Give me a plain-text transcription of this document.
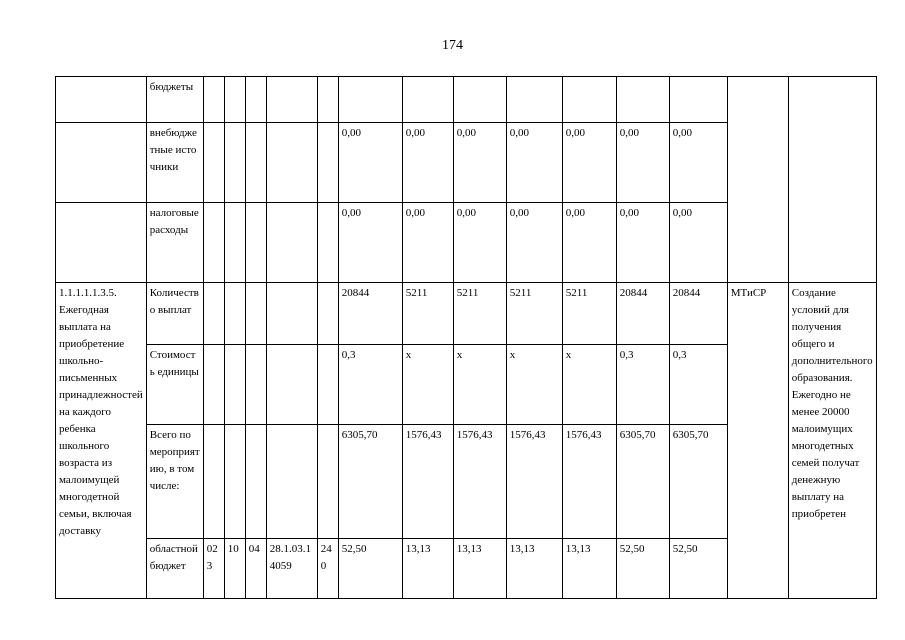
174
	бюджеты														
	внебюджетные источники						0,00	0,00	0,00	0,00	0,00	0,00	0,00		
	налоговые расходы						0,00	0,00	0,00	0,00	0,00	0,00	0,00		
1.1.1.1.1.3.5. Ежегодная выплата на приобретение школьно-письменных принадлежностей на каждого ребенка школьного возраста из малоимущей многодетной семьи, включая доставку	Количество выплат						20844	5211	5211	5211	5211	20844	20844	МТиСР	Создание условий для получения общего и дополнительного образования. Ежегодно не менее 20000 малоимущих многодетных семей получат денежную выплату на приобретен
	Стоимость единицы						0,3	х	х	х	х	0,3	0,3		
	Всего по мероприятию, в том числе:						6305,70	1576,43	1576,43	1576,43	1576,43	6305,70	6305,70		
	областной бюджет	023	10	04	28.1.03.14059	240	52,50	13,13	13,13	13,13	13,13	52,50	52,50		
